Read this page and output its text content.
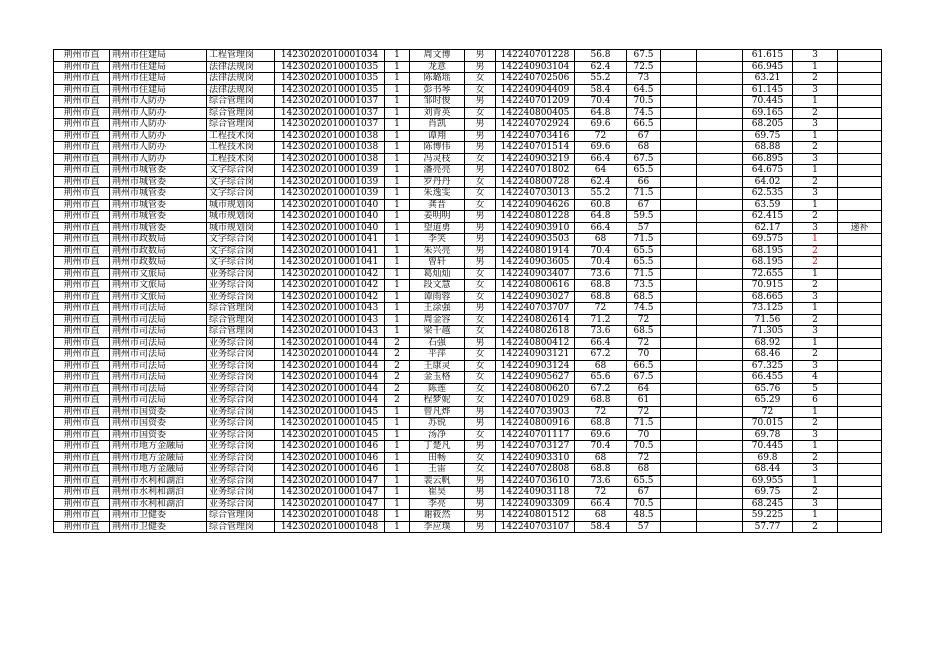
荆州市直	荆州市住建局	工程管理岗	14230202010001034	1	周文博	男	142240701228	56.8	67.5			61.615	3	
荆州市直	荆州市住建局	法律法规岗	14230202010001035	1	龙意	男	142240903104	62.4	72.5			66.945	1	
荆州市直	荆州市住建局	法律法规岗	14230202010001035	1	陈璐瑶	女	142240702506	55.2	73			63.21	2	
荆州市直	荆州市住建局	法律法规岗	14230202010001035	1	彭书琴	女	142240904409	58.4	64.5			61.145	3	
荆州市直	荆州市人防办	综合管理岗	14230202010001037	1	邹时俊	男	142240701209	70.4	70.5			70.445	1	
荆州市直	荆州市人防办	综合管理岗	14230202010001037	1	刘青英	女	142240800405	64.8	74.5			69.165	2	
荆州市直	荆州市人防办	综合管理岗	14230202010001037	1	肖凯	男	142240702924	69.6	66.5			68.205	3	
荆州市直	荆州市人防办	工程技术岗	14230202010001038	1	谭翔	男	142240703416	72	67			69.75	1	
荆州市直	荆州市人防办	工程技术岗	14230202010001038	1	陈博伟	男	142240701514	69.6	68			68.88	2	
荆州市直	荆州市人防办	工程技术岗	14230202010001038	1	冯灵枝	女	142240903219	66.4	67.5			66.895	3	
荆州市直	荆州市城管委	文字综合岗	14230202010001039	1	潘亮亮	男	142240701802	64	65.5			64.675	1	
荆州市直	荆州市城管委	文字综合岗	14230202010001039	1	罗丹丹	女	142240800728	62.4	66			64.02	2	
荆州市直	荆州市城管委	文字综合岗	14230202010001039	1	朱逸雯	女	142240703013	55.2	71.5			62.535	3	
荆州市直	荆州市城管委	城市规划岗	14230202010001040	1	龚晋	女	142240904626	60.8	67			63.59	1	
荆州市直	荆州市城管委	城市规划岗	14230202010001040	1	姜明明	男	142240801228	64.8	59.5			62.415	2	
荆州市直	荆州市城管委	城市规划岗	14230202010001040	1	望道勇	男	142240903910	66.4	57			62.17	3	递补
荆州市直	荆州市政数局	文字综合岗	14230202010001041	1	李笑	男	142240903503	68	71.5			69.575	1	
荆州市直	荆州市政数局	文字综合岗	14230202010001041	1	朱兴亮	男	142240801914	70.4	65.5			68.195	2	
荆州市直	荆州市政数局	文字综合岗	14230202010001041	1	曾轩	男	142240903605	70.4	65.5			68.195	2	
荆州市直	荆州市文旅局	业务综合岗	14230202010001042	1	葛灿灿	女	142240903407	73.6	71.5			72.655	1	
荆州市直	荆州市文旅局	业务综合岗	14230202010001042	1	段文慧	女	142240800616	68.8	73.5			70.915	2	
荆州市直	荆州市文旅局	业务综合岗	14230202010001042	1	谭雨蓉	女	142240903027	68.8	68.5			68.665	3	
荆州市直	荆州市司法局	综合管理岗	14230202010001043	1	王涂强	男	142240703707	72	74.5			73.125	1	
荆州市直	荆州市司法局	综合管理岗	14230202010001043	1	周金容	女	142240802614	71.2	72			71.56	2	
荆州市直	荆州市司法局	综合管理岗	14230202010001043	1	梁千越	女	142240802618	73.6	68.5			71.305	3	
荆州市直	荆州市司法局	业务综合岗	14230202010001044	2	石强	男	142240800412	66.4	72			68.92	1	
荆州市直	荆州市司法局	业务综合岗	14230202010001044	2	平萍	女	142240903121	67.2	70			68.46	2	
荆州市直	荆州市司法局	业务综合岗	14230202010001044	2	王康灵	女	142240903124	68	66.5			67.325	3	
荆州市直	荆州市司法局	业务综合岗	14230202010001044	2	金玉格	女	142240905627	65.6	67.5			66.455	4	
荆州市直	荆州市司法局	业务综合岗	14230202010001044	2	陈莲	女	142240800620	67.2	64			65.76	5	
荆州市直	荆州市司法局	业务综合岗	14230202010001044	2	程梦妮	女	142240701029	68.8	61			65.29	6	
荆州市直	荆州市国资委	业务综合岗	14230202010001045	1	曾凡烨	男	142240703903	72	72			72	1	
荆州市直	荆州市国资委	业务综合岗	14230202010001045	1	苏锐	男	142240800916	68.8	71.5			70.015	2	
荆州市直	荆州市国资委	业务综合岗	14230202010001045	1	汤净	女	142240701117	69.6	70			69.78	3	
荆州市直	荆州市地方金融局	业务综合岗	14230202010001046	1	丁楚凡	男	142240703127	70.4	70.5			70.445	1	
荆州市直	荆州市地方金融局	业务综合岗	14230202010001046	1	田畅	女	142240903310	68	72			69.8	2	
荆州市直	荆州市地方金融局	业务综合岗	14230202010001046	1	王雷	女	142240702808	68.8	68			68.44	3	
荆州市直	荆州市水利和湖泊	业务综合岗	14230202010001047	1	裴云帆	男	142240703610	73.6	65.5			69.955	1	
荆州市直	荆州市水利和湖泊	业务综合岗	14230202010001047	1	崔昊	男	142240903118	72	67			69.75	2	
荆州市直	荆州市水利和湖泊	业务综合岗	14230202010001047	1	李亮	男	142240903309	66.4	70.5			68.245	3	
荆州市直	荆州市卫健委	综合管理岗	14230202010001048	1	谢筱然	男	142240801512	68	48.5			59.225	1	
荆州市直	荆州市卫健委	综合管理岗	14230202010001048	1	李应璞	男	142240703107	58.4	57			57.77	2	
